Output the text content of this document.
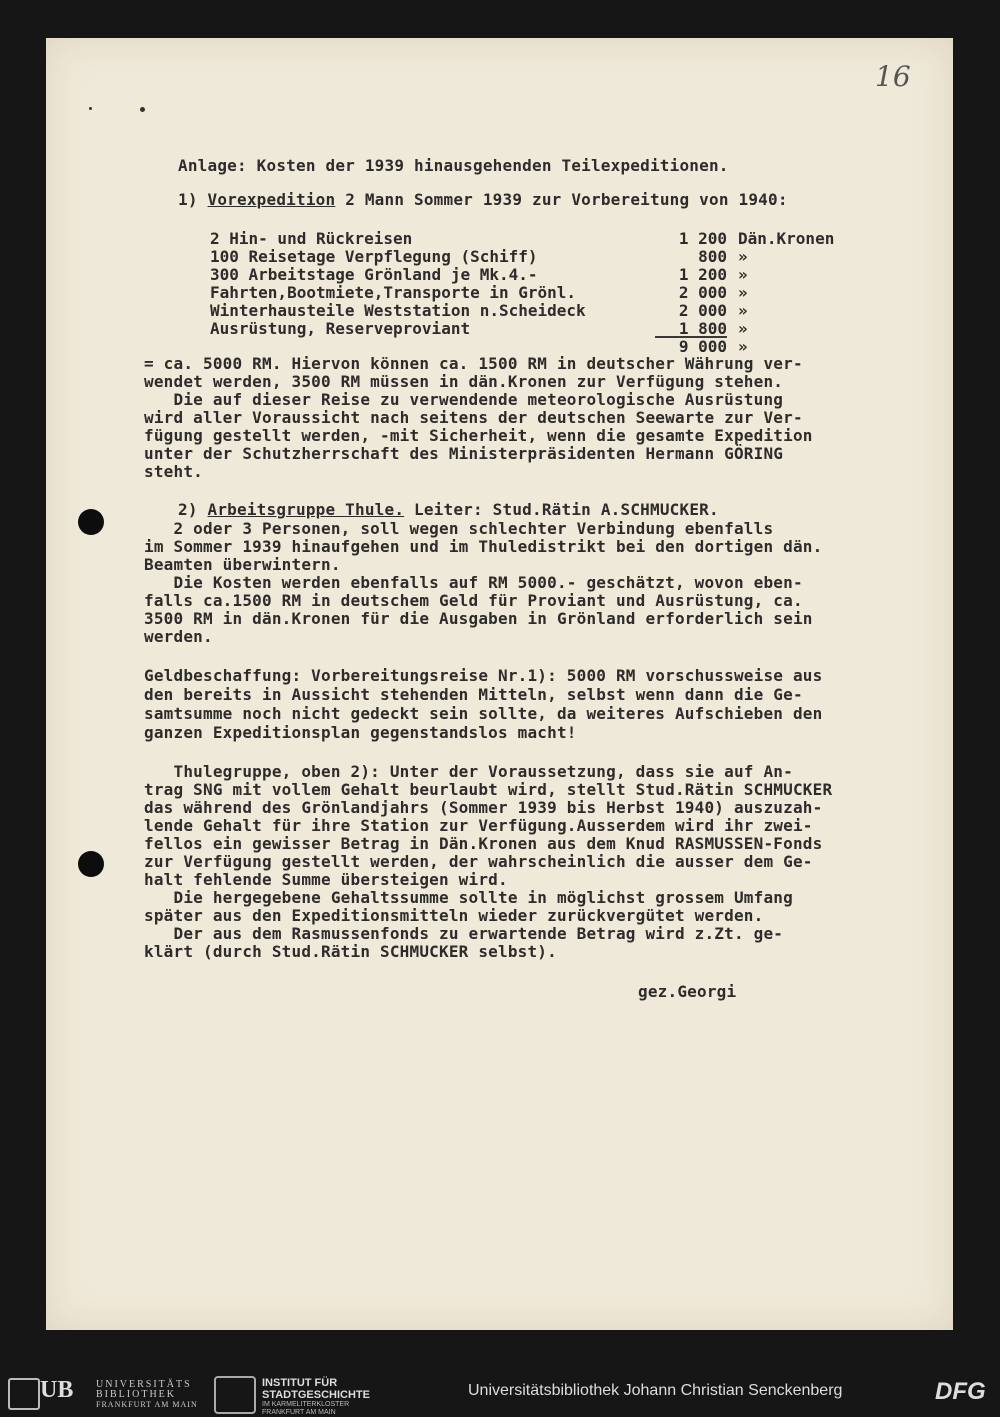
16
Anlage: Kosten der 1939 hinausgehenden Teilexpeditionen.
1) Vorexpedition 2 Mann Sommer 1939 zur Vorbereitung von 1940:
2 Hin- und Rückreisen	1 200 Dän.Kronen
100 Reisetage Verpflegung (Schiff)	800 »
300 Arbeitstage Grönland je Mk.4.-	1 200 »
Fahrten,Bootmiete,Transporte in Grönl.	2 000 »
Winterhausteile Weststation n.Scheideck	2 000 »
Ausrüstung, Reserveproviant	1 800 »
9 000 »
= ca. 5000 RM. Hiervon können ca. 1500 RM in deutscher Währung ver-
wendet werden, 3500 RM müssen in dän.Kronen zur Verfügung stehen.
Die auf dieser Reise zu verwendende meteorologische Ausrüstung
wird aller Voraussicht nach seitens der deutschen Seewarte zur Ver-
fügung gestellt werden, -mit Sicherheit, wenn die gesamte Expedition
unter der Schutzherrschaft des Ministerpräsidenten Hermann GÖRING
steht.
2) Arbeitsgruppe Thule. Leiter: Stud.Rätin A.SCHMUCKER.
2 oder 3 Personen, soll wegen schlechter Verbindung ebenfalls
im Sommer 1939 hinaufgehen und im Thuledistrikt bei den dortigen dän.
Beamten überwintern.
Die Kosten werden ebenfalls auf RM 5000.- geschätzt, wovon eben-
falls ca.1500 RM in deutschem Geld für Proviant und Ausrüstung, ca.
3500 RM in dän.Kronen für die Ausgaben in Grönland erforderlich sein
werden.
Geldbeschaffung: Vorbereitungsreise Nr.1): 5000 RM vorschussweise aus
den bereits in Aussicht stehenden Mitteln, selbst wenn dann die Ge-
samtsumme noch nicht gedeckt sein sollte, da weiteres Aufschieben den
ganzen Expeditionsplan gegenstandslos macht!
Thulegruppe, oben 2): Unter der Voraussetzung, dass sie auf An-
trag SNG mit vollem Gehalt beurlaubt wird, stellt Stud.Rätin SCHMUCKER
das während des Grönlandjahrs (Sommer 1939 bis Herbst 1940) auszuzah-
lende Gehalt für ihre Station zur Verfügung.Ausserdem wird ihr zwei-
fellos ein gewisser Betrag in Dän.Kronen aus dem Knud RASMUSSEN-Fonds
zur Verfügung gestellt werden, der wahrscheinlich die ausser dem Ge-
halt fehlende Summe übersteigen wird.
Die hergegebene Gehaltssumme sollte in möglichst grossem Umfang
später aus den Expeditionsmitteln wieder zurückvergütet werden.
Der aus dem Rasmussenfonds zu erwartende Betrag wird z.Zt. ge-
klärt (durch Stud.Rätin SCHMUCKER selbst).
gez.Georgi
UB UNIVERSITÄTS
BIBLIOTHEK
FRANKFURT AM MAIN
INSTITUT FÜR
STADTGESCHICHTE
IM KARMELITERKLOSTER
FRANKFURT AM MAIN
Universitätsbibliothek Johann Christian Senckenberg	DFG
